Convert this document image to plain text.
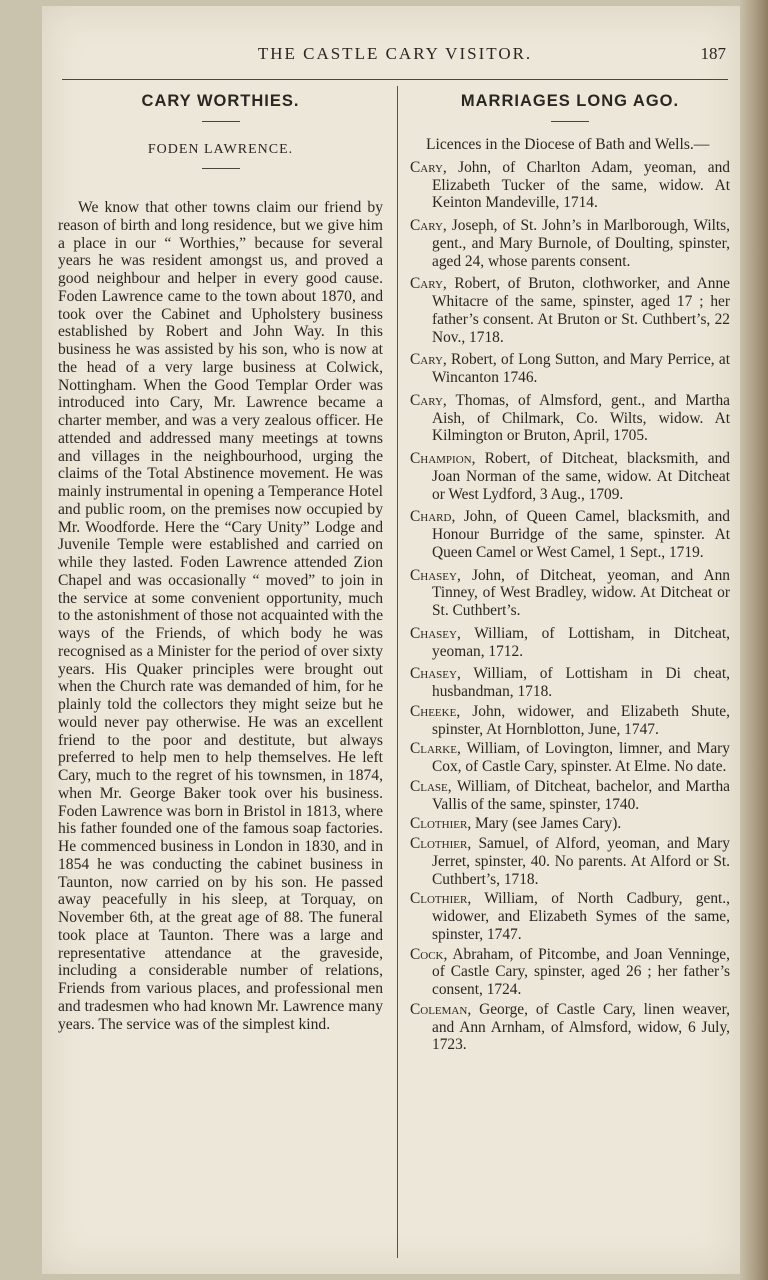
THE CASTLE CARY VISITOR.	187
CARY WORTHIES.

FODEN LAWRENCE.

We know that other towns claim our friend by reason of birth and long residence, but we give him a place in our “ Worthies,” because for several years he was resident amongst us, and proved a good neighbour and helper in every good cause. Foden Lawrence came to the town about 1870, and took over the Cabinet and Upholstery business established by Robert and John Way. In this business he was assisted by his son, who is now at the head of a very large business at Colwick, Nottingham. When the Good Templar Order was introduced into Cary, Mr. Lawrence became a charter member, and was a very zealous officer. He attended and addressed many meetings at towns and villages in the neighbourhood, urging the claims of the Total Abstinence movement. He was mainly instrumental in opening a Temperance Hotel and public room, on the premises now occupied by Mr. Woodforde. Here the “Cary Unity” Lodge and Juvenile Temple were established and carried on while they lasted. Foden Lawrence attended Zion Chapel and was occasionally “ moved” to join in the service at some convenient opportunity, much to the astonishment of those not acquainted with the ways of the Friends, of which body he was recognised as a Minister for the period of over sixty years. His Quaker principles were brought out when the Church rate was demanded of him, for he plainly told the collectors they might seize but he would never pay otherwise. He was an excellent friend to the poor and destitute, but always preferred to help men to help themselves. He left Cary, much to the regret of his townsmen, in 1874, when Mr. George Baker took over his business. Foden Lawrence was born in Bristol in 1813, where his father founded one of the famous soap factories. He commenced business in London in 1830, and in 1854 he was conducting the cabinet business in Taunton, now carried on by his son. He passed away peacefully in his sleep, at Torquay, on November 6th, at the great age of 88. The funeral took place at Taunton. There was a large and representative attendance at the graveside, including a considerable number of relations, Friends from various places, and professional men and tradesmen who had known Mr. Lawrence many years. The service was of the simplest kind.

MARRIAGES LONG AGO.

Licences in the Diocese of Bath and Wells.—

Cary, John, of Charlton Adam, yeoman, and Elizabeth Tucker of the same, widow. At Keinton Mandeville, 1714.

Cary, Joseph, of St. John’s in Marlborough, Wilts, gent., and Mary Burnole, of Doulting, spinster, aged 24, whose parents consent.

Cary, Robert, of Bruton, clothworker, and Anne Whitacre of the same, spinster, aged 17 ; her father’s consent. At Bruton or St. Cuthbert’s, 22 Nov., 1718.

Cary, Robert, of Long Sutton, and Mary Perrice, at Wincanton 1746.

Cary, Thomas, of Almsford, gent., and Martha Aish, of Chilmark, Co. Wilts, widow. At Kilmington or Bruton, April, 1705.

Champion, Robert, of Ditcheat, blacksmith, and Joan Norman of the same, widow. At Ditcheat or West Lydford, 3 Aug., 1709.

Chard, John, of Queen Camel, blacksmith, and Honour Burridge of the same, spinster. At Queen Camel or West Camel, 1 Sept., 1719.

Chasey, John, of Ditcheat, yeoman, and Ann Tinney, of West Bradley, widow. At Ditcheat or St. Cuthbert’s.

Chasey, William, of Lottisham, in Ditcheat, yeoman, 1712.

Chasey, William, of Lottisham in Di cheat, husbandman, 1718.

Cheeke, John, widower, and Elizabeth Shute, spinster, At Hornblotton, June, 1747.

Clarke, William, of Lovington, limner, and Mary Cox, of Castle Cary, spinster. At Elme. No date.

Clase, William, of Ditcheat, bachelor, and Martha Vallis of the same, spinster, 1740.

Clothier, Mary (see James Cary).

Clothier, Samuel, of Alford, yeoman, and Mary Jerret, spinster, 40. No parents. At Alford or St. Cuthbert’s, 1718.

Clothier, William, of North Cadbury, gent., widower, and Elizabeth Symes of the same, spinster, 1747.

Cock, Abraham, of Pitcombe, and Joan Venninge, of Castle Cary, spinster, aged 26 ; her father’s consent, 1724.

Coleman, George, of Castle Cary, linen weaver, and Ann Arnham, of Almsford, widow, 6 July, 1723.
